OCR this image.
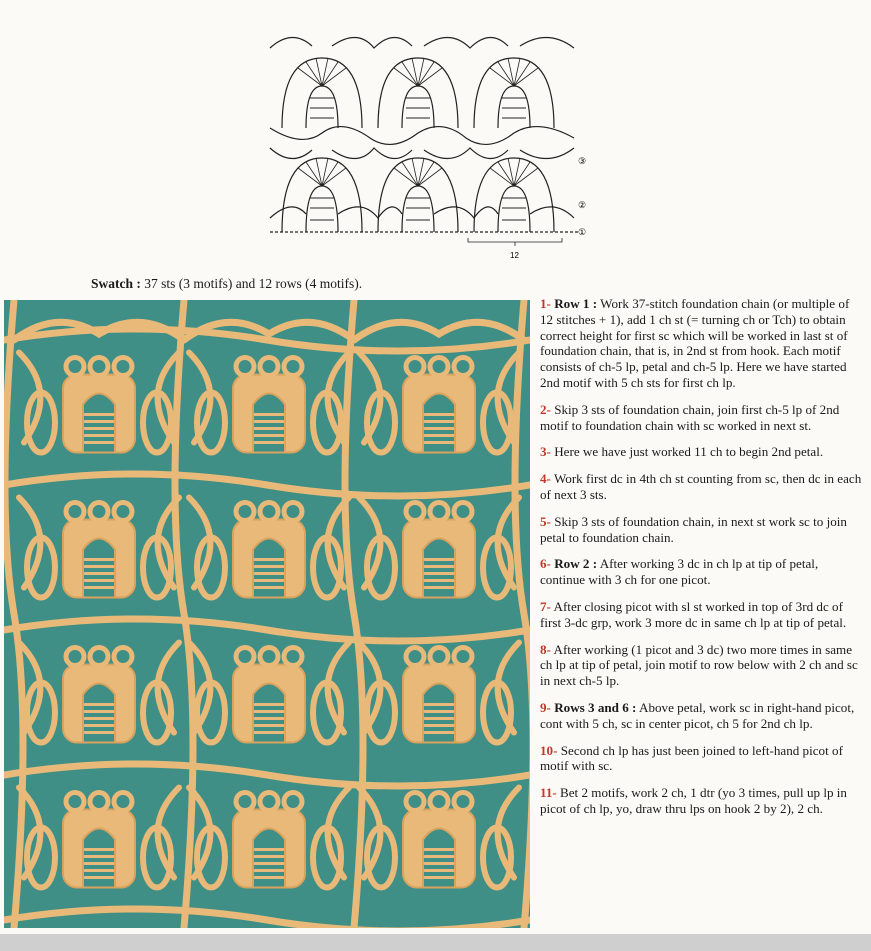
12
③
②
①
Swatch : 37 sts (3 motifs) and 12 rows (4 motifs).

1- Row 1 : Work 37-stitch foundation chain (or multiple of 12 stitches + 1), add 1 ch st (= turning ch or Tch) to obtain correct height for first sc which will be worked in last st of foundation chain, that is, in 2nd st from hook. Each motif consists of ch-5 lp, petal and ch-5 lp. Here we have started 2nd motif with 5 ch sts for first ch lp.

2- Skip 3 sts of foundation chain, join first ch-5 lp of 2nd motif to foundation chain with sc worked in next st.

3- Here we have just worked 11 ch to begin 2nd petal.

4- Work first dc in 4th ch st counting from sc, then dc in each of next 3 sts.

5- Skip 3 sts of foundation chain, in next st work sc to join petal to foundation chain.

6- Row 2 : After working 3 dc in ch lp at tip of petal, continue with 3 ch for one picot.

7- After closing picot with sl st worked in top of 3rd dc of first 3-dc grp, work 3 more dc in same ch lp at tip of petal.

8- After working (1 picot and 3 dc) two more times in same ch lp at tip of petal, join motif to row below with 2 ch and sc in next ch-5 lp.

9- Rows 3 and 6 : Above petal, work sc in right-hand picot, cont with 5 ch, sc in center picot, ch 5 for 2nd ch lp.

10- Second ch lp has just been joined to left-hand picot of motif with sc.

11- Bet 2 motifs, work 2 ch, 1 dtr (yo 3 times, pull up lp in picot of ch lp, yo, draw thru lps on hook 2 by 2), 2 ch.
